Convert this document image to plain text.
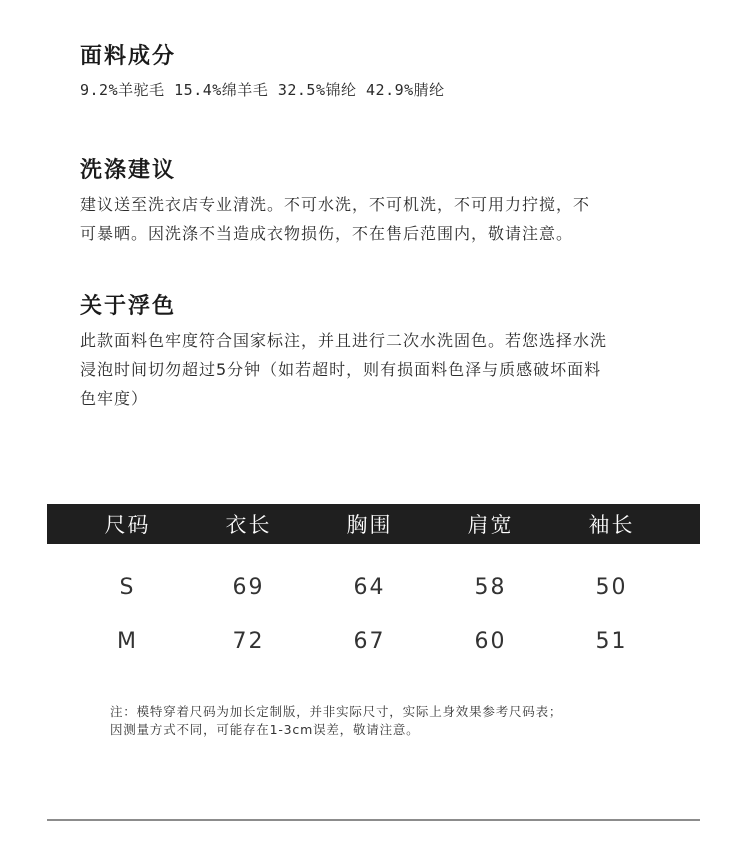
面料成分

9.2%羊驼毛 15.4%绵羊毛 32.5%锦纶 42.9%腈纶

洗涤建议

建议送至洗衣店专业清洗。不可水洗，不可机洗，不可用力拧搅，不
可暴晒。因洗涤不当造成衣物损伤，不在售后范围内，敬请注意。

关于浮色

此款面料色牢度符合国家标注，并且进行二次水洗固色。若您选择水洗
浸泡时间切勿超过5分钟（如若超时，则有损面料色泽与质感破坏面料
色牢度）

尺码	衣长	胸围	肩宽	袖长
S	69	64	58	50
M	72	67	60	51

注：模特穿着尺码为加长定制版，并非实际尺寸，实际上身效果参考尺码表；

因测量方式不同，可能存在1-3cm误差，敬请注意。
